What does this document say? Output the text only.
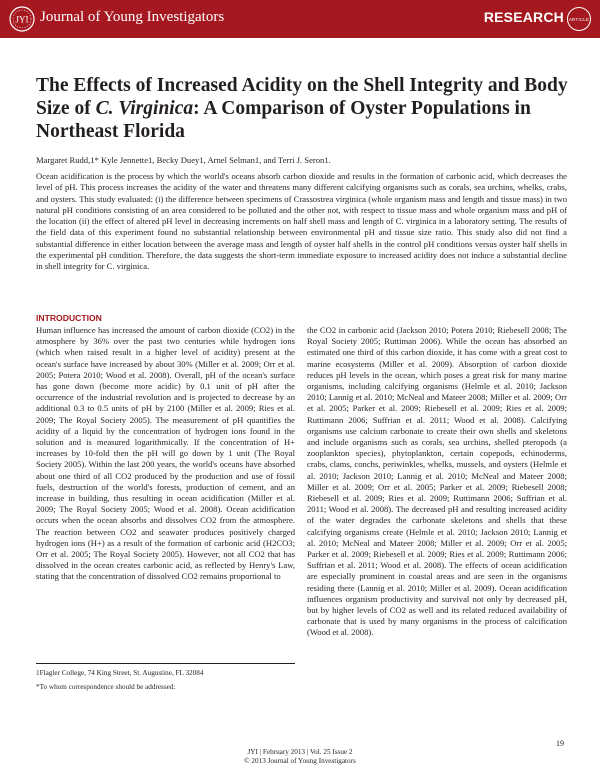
JYI Journal of Young Investigators	RESEARCH	ARTICLE
The Effects of Increased Acidity on the Shell Integrity and Body Size of C. Virginica: A Comparison of Oyster Populations in Northeast Florida
Margaret Rudd,1* Kyle Jennette1, Becky Duey1, Arnel Selman1, and Terri J. Seron1.
Ocean acidification is the process by which the world's oceans absorb carbon dioxide and results in the formation of carbonic acid, which decreases the level of pH. This process increases the acidity of the water and threatens many different calcifying organisms such as corals, sea urchins, whelks, crabs, and oysters. This study evaluated: (i) the difference between specimens of Crassostrea virginica (whole organism mass and length and tissue mass) in two natural pH conditions consisting of an area considered to be polluted and the other not, with respect to tissue mass and whole organism mass and pH of the location (ii) the effect of altered pH level in decreasing increments on half shell mass and length of C. virginica in a laboratory setting. The results of the field data of this experiment found no substantial relationship between environmental pH and tissue size ratio. This study also did not find a substantial difference in either location between the average mass and length of oyster half shells in the control pH conditions versus oyster half shells in the experimental pH condition. Therefore, the data suggests the short-term immediate exposure to increased acidity does not induce a substantial decline in shell integrity for C. virginica.
INTRODUCTION
Human influence has increased the amount of carbon dioxide (CO2) in the atmosphere by 36% over the past two centuries while hydrogen ions (which when raised result in a higher level of acidity) present at the ocean's surface have increased by about 30% (Miller et al. 2009; Orr et al. 2005; Potera 2010; Wood et al. 2008). Overall, pH of the ocean's surface has gone down (become more acidic) by 0.1 unit of pH after the occurrence of the industrial revolution and is projected to decrease by an additional 0.3 to 0.5 units of pH by 2100 (Miller et al. 2009; Ries et al. 2009; The Royal Society 2005). The measurement of pH quantifies the acidity of a liquid by the concentration of hydrogen ions found in the solution and is measured logarithmically. If the concentration of H+ increases by 10-fold then the pH will go down by 1 unit (The Royal Society 2005). Within the last 200 years, the world's oceans have absorbed about one third of all CO2 produced by the production and use of fossil fuels, destruction of the world's forests, production of cement, and an increase in building, thus resulting in ocean acidification (Miller et al. 2009; The Royal Society 2005; Wood et al. 2008). Ocean acidification occurs when the ocean absorbs and dissolves CO2 from the atmosphere. The reaction between CO2 and seawater produces positively charged hydrogen ions (H+) as a result of the formation of carbonic acid (H2CO3; Orr et al. 2005; The Royal Society 2005). However, not all CO2 that has dissolved in the ocean creates carbonic acid, as reflected by Henry's Law, stating that the concentration of dissolved CO2 remains proportional to
the CO2 in carbonic acid (Jackson 2010; Potera 2010; Riebesell 2008; The Royal Society 2005; Ruttiman 2006). While the ocean has absorbed an estimated one third of this carbon dioxide, it has come with a great cost to marine ecosystems (Miller et al. 2009). Absorption of carbon dioxide reduces pH levels in the ocean, which poses a great risk for many marine organisms, including calcifying organisms (Helmle et al. 2010; Jackson 2010; Lannig et al. 2010; McNeal and Mateer 2008; Miller et al. 2009; Orr et al. 2005; Parker et al. 2009; Riebesell et al. 2009; Ries et al. 2009; Ruttimann 2006; Suffrian et al. 2011; Wood et al. 2008). Calcifying organisms use calcium carbonate to create their own shells and skeletons and include organisms such as corals, sea urchins, shelled pteropods (a zooplankton species), phytoplankton, certain copepods, echinoderms, crabs, clams, conchs, periwinkles, whelks, mussels, and oysters (Helmle et al. 2010; Jackson 2010; Lannig et al. 2010; McNeal and Mateer 2008; Miller et al. 2009; Orr et al. 2005; Parker et al. 2009; Riebesell 2008; Riebesell et al. 2009; Ries et al. 2009; Ruttimann 2006; Suffrian et al. 2011; Wood et al. 2008). The decreased pH and resulting increased acidity of the water degrades the carbonate skeletons and shells that these calcifying organisms create (Helmle et al. 2010; Jackson 2010; Lannig et al. 2010; McNeal and Mateer 2008; Miller et al. 2009; Orr et al. 2005; Parker et al. 2009; Riebesell et al. 2009; Ries et al. 2009; Ruttimann 2006; Suffrian et al. 2011; Wood et al. 2008). The effects of ocean acidification are especially prominent in coastal areas and are seen in the organisms residing there (Lannig et al. 2010; Miller et al. 2009). Ocean acidification influences organism productivity and survival not only by decreased pH, but by higher levels of CO2 as well and its related reduced availability of carbonate that is used by many organisms in the process of calcification (Wood et al. 2008).
1Flagler College, 74 King Street, St. Augustine, FL 32084
*To whom correspondence should be addressed:
19
JYI | February 2013 | Vol. 25 Issue 2
© 2013 Journal of Young Investigators
